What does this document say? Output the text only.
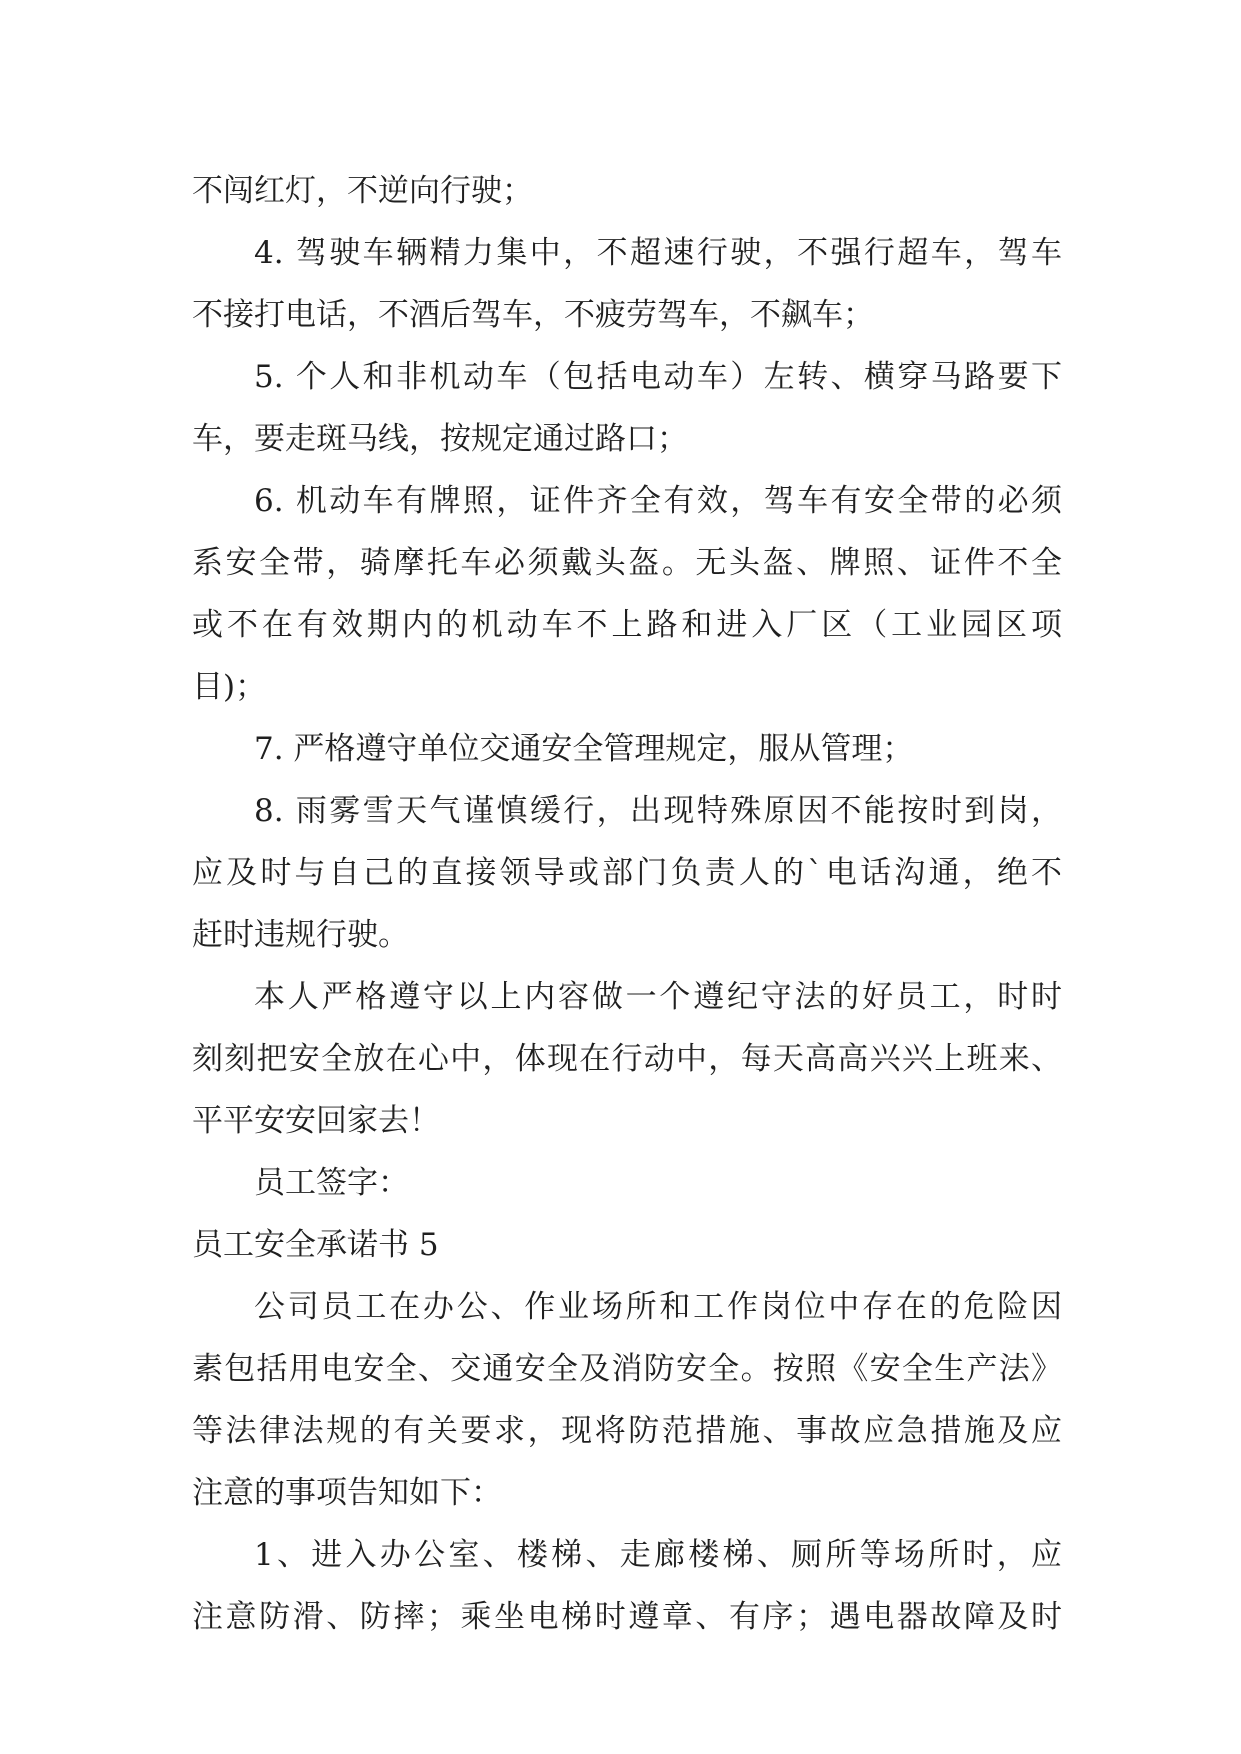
不闯红灯，不逆向行驶；

4. 驾驶车辆精力集中，不超速行驶，不强行超车，驾车

不接打电话，不酒后驾车，不疲劳驾车，不飙车；

5. 个人和非机动车（包括电动车）左转、横穿马路要下

车，要走斑马线，按规定通过路口；

6. 机动车有牌照，证件齐全有效，驾车有安全带的必须

系安全带，骑摩托车必须戴头盔。无头盔、牌照、证件不全

或不在有效期内的机动车不上路和进入厂区（工业园区项

目)；

7. 严格遵守单位交通安全管理规定，服从管理；

8. 雨雾雪天气谨慎缓行，出现特殊原因不能按时到岗，

应及时与自己的直接领导或部门负责人的`电话沟通，绝不

赶时违规行驶。

本人严格遵守以上内容做一个遵纪守法的好员工，时时

刻刻把安全放在心中，体现在行动中，每天高高兴兴上班来、

平平安安回家去！

员工签字：

员工安全承诺书 5

公司员工在办公、作业场所和工作岗位中存在的危险因

素包括用电安全、交通安全及消防安全。按照《安全生产法》

等法律法规的有关要求，现将防范措施、事故应急措施及应

注意的事项告知如下：

1、进入办公室、楼梯、走廊楼梯、厕所等场所时，应

注意防滑、防摔；乘坐电梯时遵章、有序；遇电器故障及时
